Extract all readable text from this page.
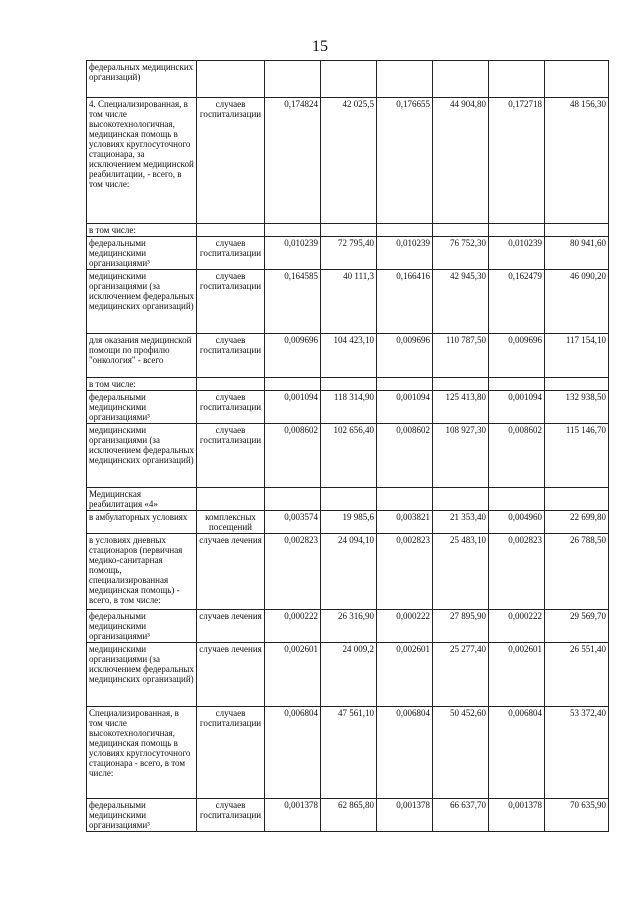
15
федеральных медицинских организаций)							
4. Специализированная, в том числе высокотехнологичная, медицинская помощь в условиях круглосуточного стационара, за исключением медицинской реабилитации, - всего, в том числе:	случаев госпитализации	0,174824	42 025,5	0,176655	44 904,80	0,172718	48 156,30
в том числе:							
федеральными медицинскими организациями³	случаев госпитализации	0,010239	72 795,40	0,010239	76 752,30	0,010239	80 941,60
медицинскими организациями (за исключением федеральных медицинских организаций)	случаев госпитализации	0,164585	40 111,3	0,166416	42 945,30	0,162479	46 090,20
для оказания медицинской помощи по профилю "онкология" - всего	случаев госпитализации	0,009696	104 423,10	0,009696	110 787,50	0,009696	117 154,10
в том числе:							
федеральными медицинскими организациями³	случаев госпитализации	0,001094	118 314,90	0,001094	125 413,80	0,001094	132 938,50
медицинскими организациями (за исключением федеральных медицинских организаций)	случаев госпитализации	0,008602	102 656,40	0,008602	108 927,30	0,008602	115 146,70
Медицинская реабилитация «4»							
в амбулаторных условиях	комплексных посещений	0,003574	19 985,6	0,003821	21 353,40	0,004960	22 699,80
в условиях дневных стационаров (первичная медико-санитарная помощь, специализированная медицинская помощь) - всего, в том числе:	случаев лечения	0,002823	24 094,10	0,002823	25 483,10	0,002823	26 788,50
федеральными медицинскими организациями³	случаев лечения	0,000222	26 316,90	0,000222	27 895,90	0,000222	29 569,70
медицинскими организациями (за исключением федеральных медицинских организаций)	случаев лечения	0,002601	24 009,2	0,002601	25 277,40	0,002601	26 551,40
Специализированная, в том числе высокотехнологичная, медицинская помощь в условиях круглосуточного стационара - всего, в том числе:	случаев госпитализации	0,006804	47 561,10	0,006804	50 452,60	0,006804	53 372,40
федеральными медицинскими организациями³	случаев госпитализации	0,001378	62 865,80	0,001378	66 637,70	0,001378	70 635,90
